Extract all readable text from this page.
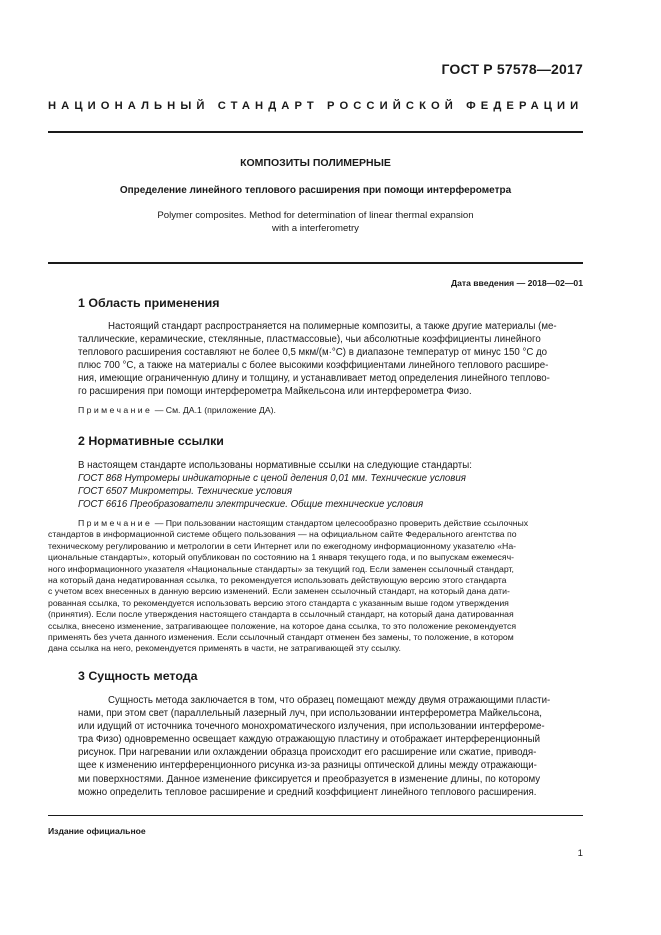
ГОСТ Р 57578—2017
НАЦИОНАЛЬНЫЙ СТАНДАРТ РОССИЙСКОЙ ФЕДЕРАЦИИ
КОМПОЗИТЫ ПОЛИМЕРНЫЕ
Определение линейного теплового расширения при помощи интерферометра
Polymer composites. Method for determination of linear thermal expansion
with a interferometry
Дата введения — 2018—02—01
1 Область применения
Настоящий стандарт распространяется на полимерные композиты, а также другие материалы (ме-
таллические, керамические, стеклянные, пластмассовые), чьи абсолютные коэффициенты линейного
теплового расширения составляют не более 0,5 мкм/(м·°С) в диапазоне температур от минус 150 °С до
плюс 700 °С, а также на материалы с более высокими коэффициентами линейного теплового расшире-
ния, имеющие ограниченную длину и толщину, и устанавливает метод определения линейного теплово-
го расширения при помощи интерферометра Майкельсона или интерферометра Физо.
Примечание — См. ДА.1 (приложение ДА).
2 Нормативные ссылки
В настоящем стандарте использованы нормативные ссылки на следующие стандарты:
ГОСТ 868 Нутромеры индикаторные с ценой деления 0,01 мм. Технические условия
ГОСТ 6507 Микрометры. Технические условия
ГОСТ 6616 Преобразователи электрические. Общие технические условия
Примечание — При пользовании настоящим стандартом целесообразно проверить действие ссылочных
стандартов в информационной системе общего пользования — на официальном сайте Федерального агентства по
техническому регулированию и метрологии в сети Интернет или по ежегодному информационному указателю «На-
циональные стандарты», который опубликован по состоянию на 1 января текущего года, и по выпускам ежемесяч-
ного информационного указателя «Национальные стандарты» за текущий год. Если заменен ссылочный стандарт,
на который дана недатированная ссылка, то рекомендуется использовать действующую версию этого стандарта
с учетом всех внесенных в данную версию изменений. Если заменен ссылочный стандарт, на который дана дати-
рованная ссылка, то рекомендуется использовать версию этого стандарта с указанным выше годом утверждения
(принятия). Если после утверждения настоящего стандарта в ссылочный стандарт, на который дана датированная
ссылка, внесено изменение, затрагивающее положение, на которое дана ссылка, то это положение рекомендуется
применять без учета данного изменения. Если ссылочный стандарт отменен без замены, то положение, в котором
дана ссылка на него, рекомендуется применять в части, не затрагивающей эту ссылку.
3 Сущность метода
Сущность метода заключается в том, что образец помещают между двумя отражающими пласти-
нами, при этом свет (параллельный лазерный луч, при использовании интерферометра Майкельсона,
или идущий от источника точечного монохроматического излучения, при использовании интерфероме-
тра Физо) одновременно освещает каждую отражающую пластину и отображает интерференционный
рисунок. При нагревании или охлаждении образца происходит его расширение или сжатие, приводя-
щее к изменению интерференционного рисунка из-за разницы оптической длины между отражающи-
ми поверхностями. Данное изменение фиксируется и преобразуется в изменение длины, по которому
можно определить тепловое расширение и средний коэффициент линейного теплового расширения.
Издание официальное
1
